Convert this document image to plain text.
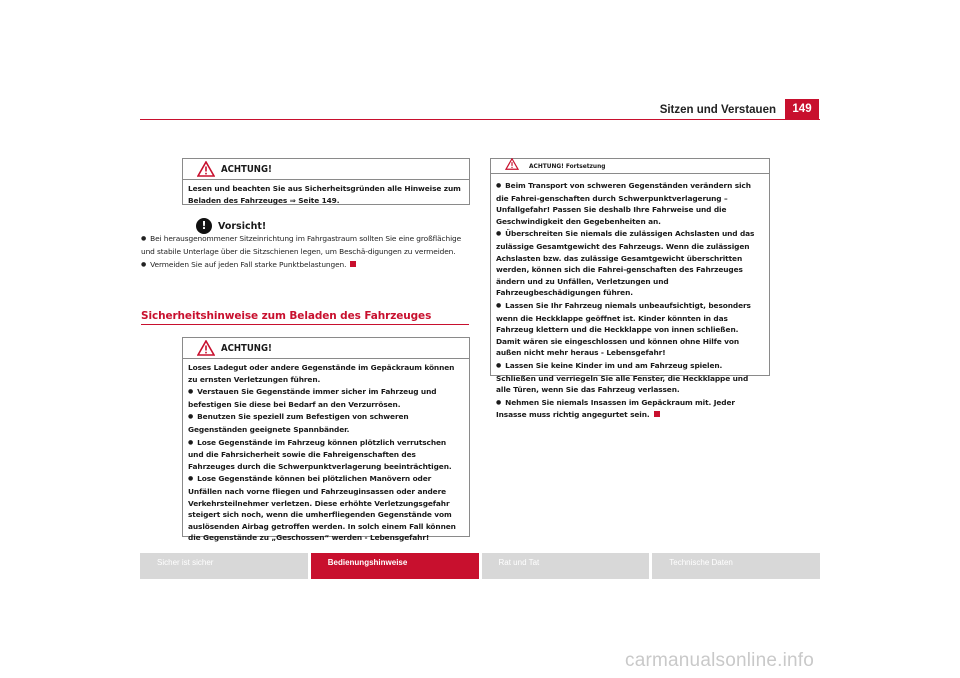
Sitzen und Verstauen	149
ACHTUNG!

Lesen und beachten Sie aus Sicherheitsgründen alle Hinweise zum Beladen des Fahrzeuges ⇒ Seite 149.

!	Vorsicht!

● Bei herausgenommener Sitzeinrichtung im Fahrgastraum sollten Sie eine großflächige und stabile Unterlage über die Sitzschienen legen, um Beschä-digungen zu vermeiden.

● Vermeiden Sie auf jeden Fall starke Punktbelastungen.

Sicherheitshinweise zum Beladen des Fahrzeuges
ACHTUNG!

Loses Ladegut oder andere Gegenstände im Gepäckraum können zu ernsten Verletzungen führen.

● Verstauen Sie Gegenstände immer sicher im Fahrzeug und befestigen Sie diese bei Bedarf an den Verzurrösen.

● Benutzen Sie speziell zum Befestigen von schweren Gegenständen geeignete Spannbänder.

● Lose Gegenstände im Fahrzeug können plötzlich verrutschen und die Fahrsicherheit sowie die Fahreigenschaften des Fahrzeuges durch die Schwerpunktverlagerung beeinträchtigen.

● Lose Gegenstände können bei plötzlichen Manövern oder Unfällen nach vorne fliegen und Fahrzeuginsassen oder andere Verkehrsteilnehmer verletzen. Diese erhöhte Verletzungsgefahr steigert sich noch, wenn die umherfliegenden Gegenstände vom auslösenden Airbag getroffen werden. In solch einem Fall können die Gegenstände zu „Geschossen“ werden - Lebensgefahr!

ACHTUNG! Fortsetzung

● Beim Transport von schweren Gegenständen verändern sich die Fahrei-genschaften durch Schwerpunktverlagerung – Unfallgefahr! Passen Sie deshalb Ihre Fahrweise und die Geschwindigkeit den Gegebenheiten an.

● Überschreiten Sie niemals die zulässigen Achslasten und das zulässige Gesamtgewicht des Fahrzeugs. Wenn die zulässigen Achslasten bzw. das zulässige Gesamtgewicht überschritten werden, können sich die Fahrei-genschaften des Fahrzeuges ändern und zu Unfällen, Verletzungen und Fahrzeugbeschädigungen führen.

● Lassen Sie Ihr Fahrzeug niemals unbeaufsichtigt, besonders wenn die Heckklappe geöffnet ist. Kinder könnten in das Fahrzeug klettern und die Heckklappe von innen schließen. Damit wären sie eingeschlossen und können ohne Hilfe von außen nicht mehr heraus - Lebensgefahr!

● Lassen Sie keine Kinder im und am Fahrzeug spielen. Schließen und verriegeln Sie alle Fenster, die Heckklappe und alle Türen, wenn Sie das Fahrzeug verlassen.

● Nehmen Sie niemals Insassen im Gepäckraum mit. Jeder Insasse muss richtig angegurtet sein.

Sicher ist sicher	Bedienungshinweise	Rat und Tat	Technische Daten
carmanualsonline.info
